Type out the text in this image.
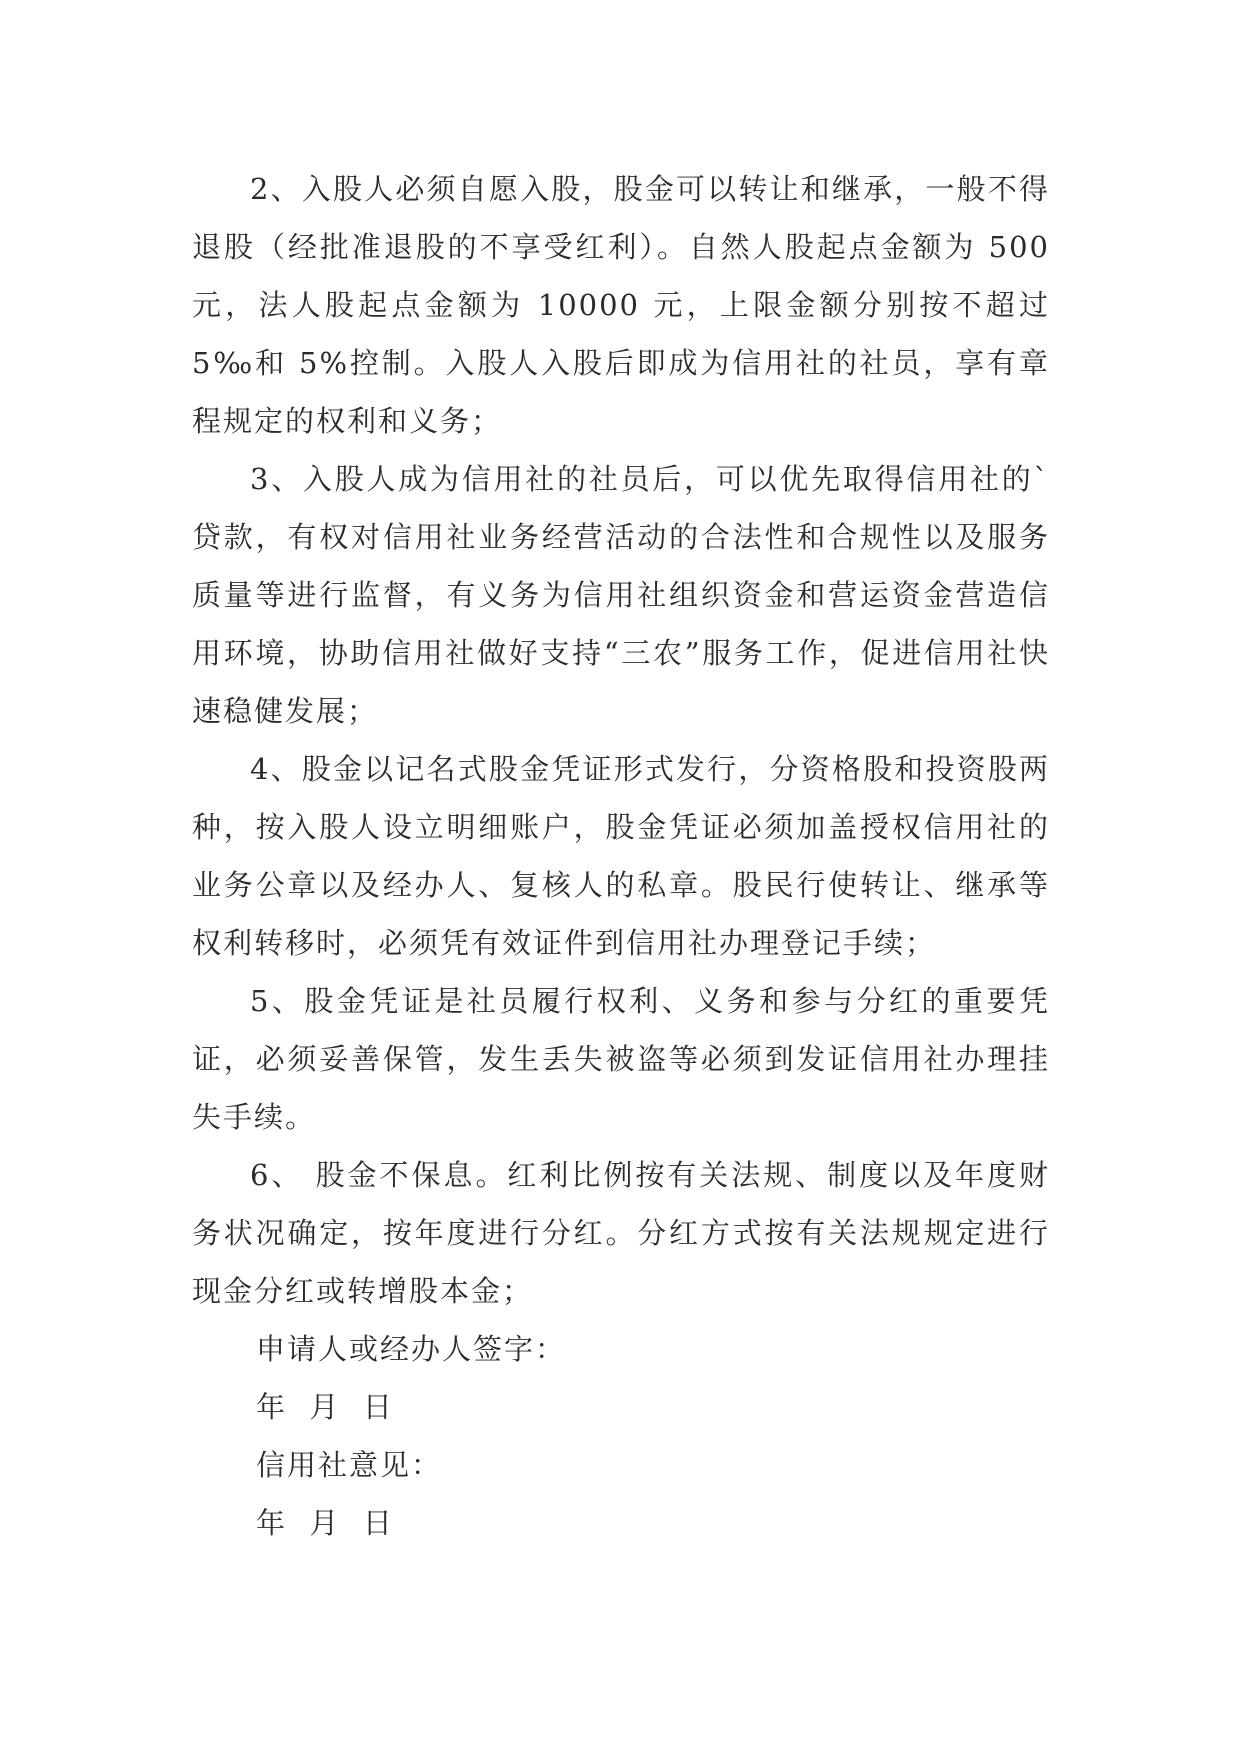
2、入股人必须自愿入股，股金可以转让和继承，一般不得退股（经批准退股的不享受红利）。自然人股起点金额为 500 元，法人股起点金额为 10000 元，上限金额分别按不超过 5‰和 5%控制。入股人入股后即成为信用社的社员，享有章程规定的权利和义务；

3、入股人成为信用社的社员后，可以优先取得信用社的`贷款，有权对信用社业务经营活动的合法性和合规性以及服务质量等进行监督，有义务为信用社组织资金和营运资金营造信用环境，协助信用社做好支持“三农”服务工作，促进信用社快速稳健发展；

4、股金以记名式股金凭证形式发行，分资格股和投资股两种，按入股人设立明细账户，股金凭证必须加盖授权信用社的业务公章以及经办人、复核人的私章。股民行使转让、继承等权利转移时，必须凭有效证件到信用社办理登记手续；

5、股金凭证是社员履行权利、义务和参与分红的重要凭证，必须妥善保管，发生丢失被盗等必须到发证信用社办理挂失手续。

6、 股金不保息。红利比例按有关法规、制度以及年度财务状况确定，按年度进行分红。分红方式按有关法规规定进行现金分红或转增股本金；

申请人或经办人签字：

年  月  日

信用社意见：

年  月  日
